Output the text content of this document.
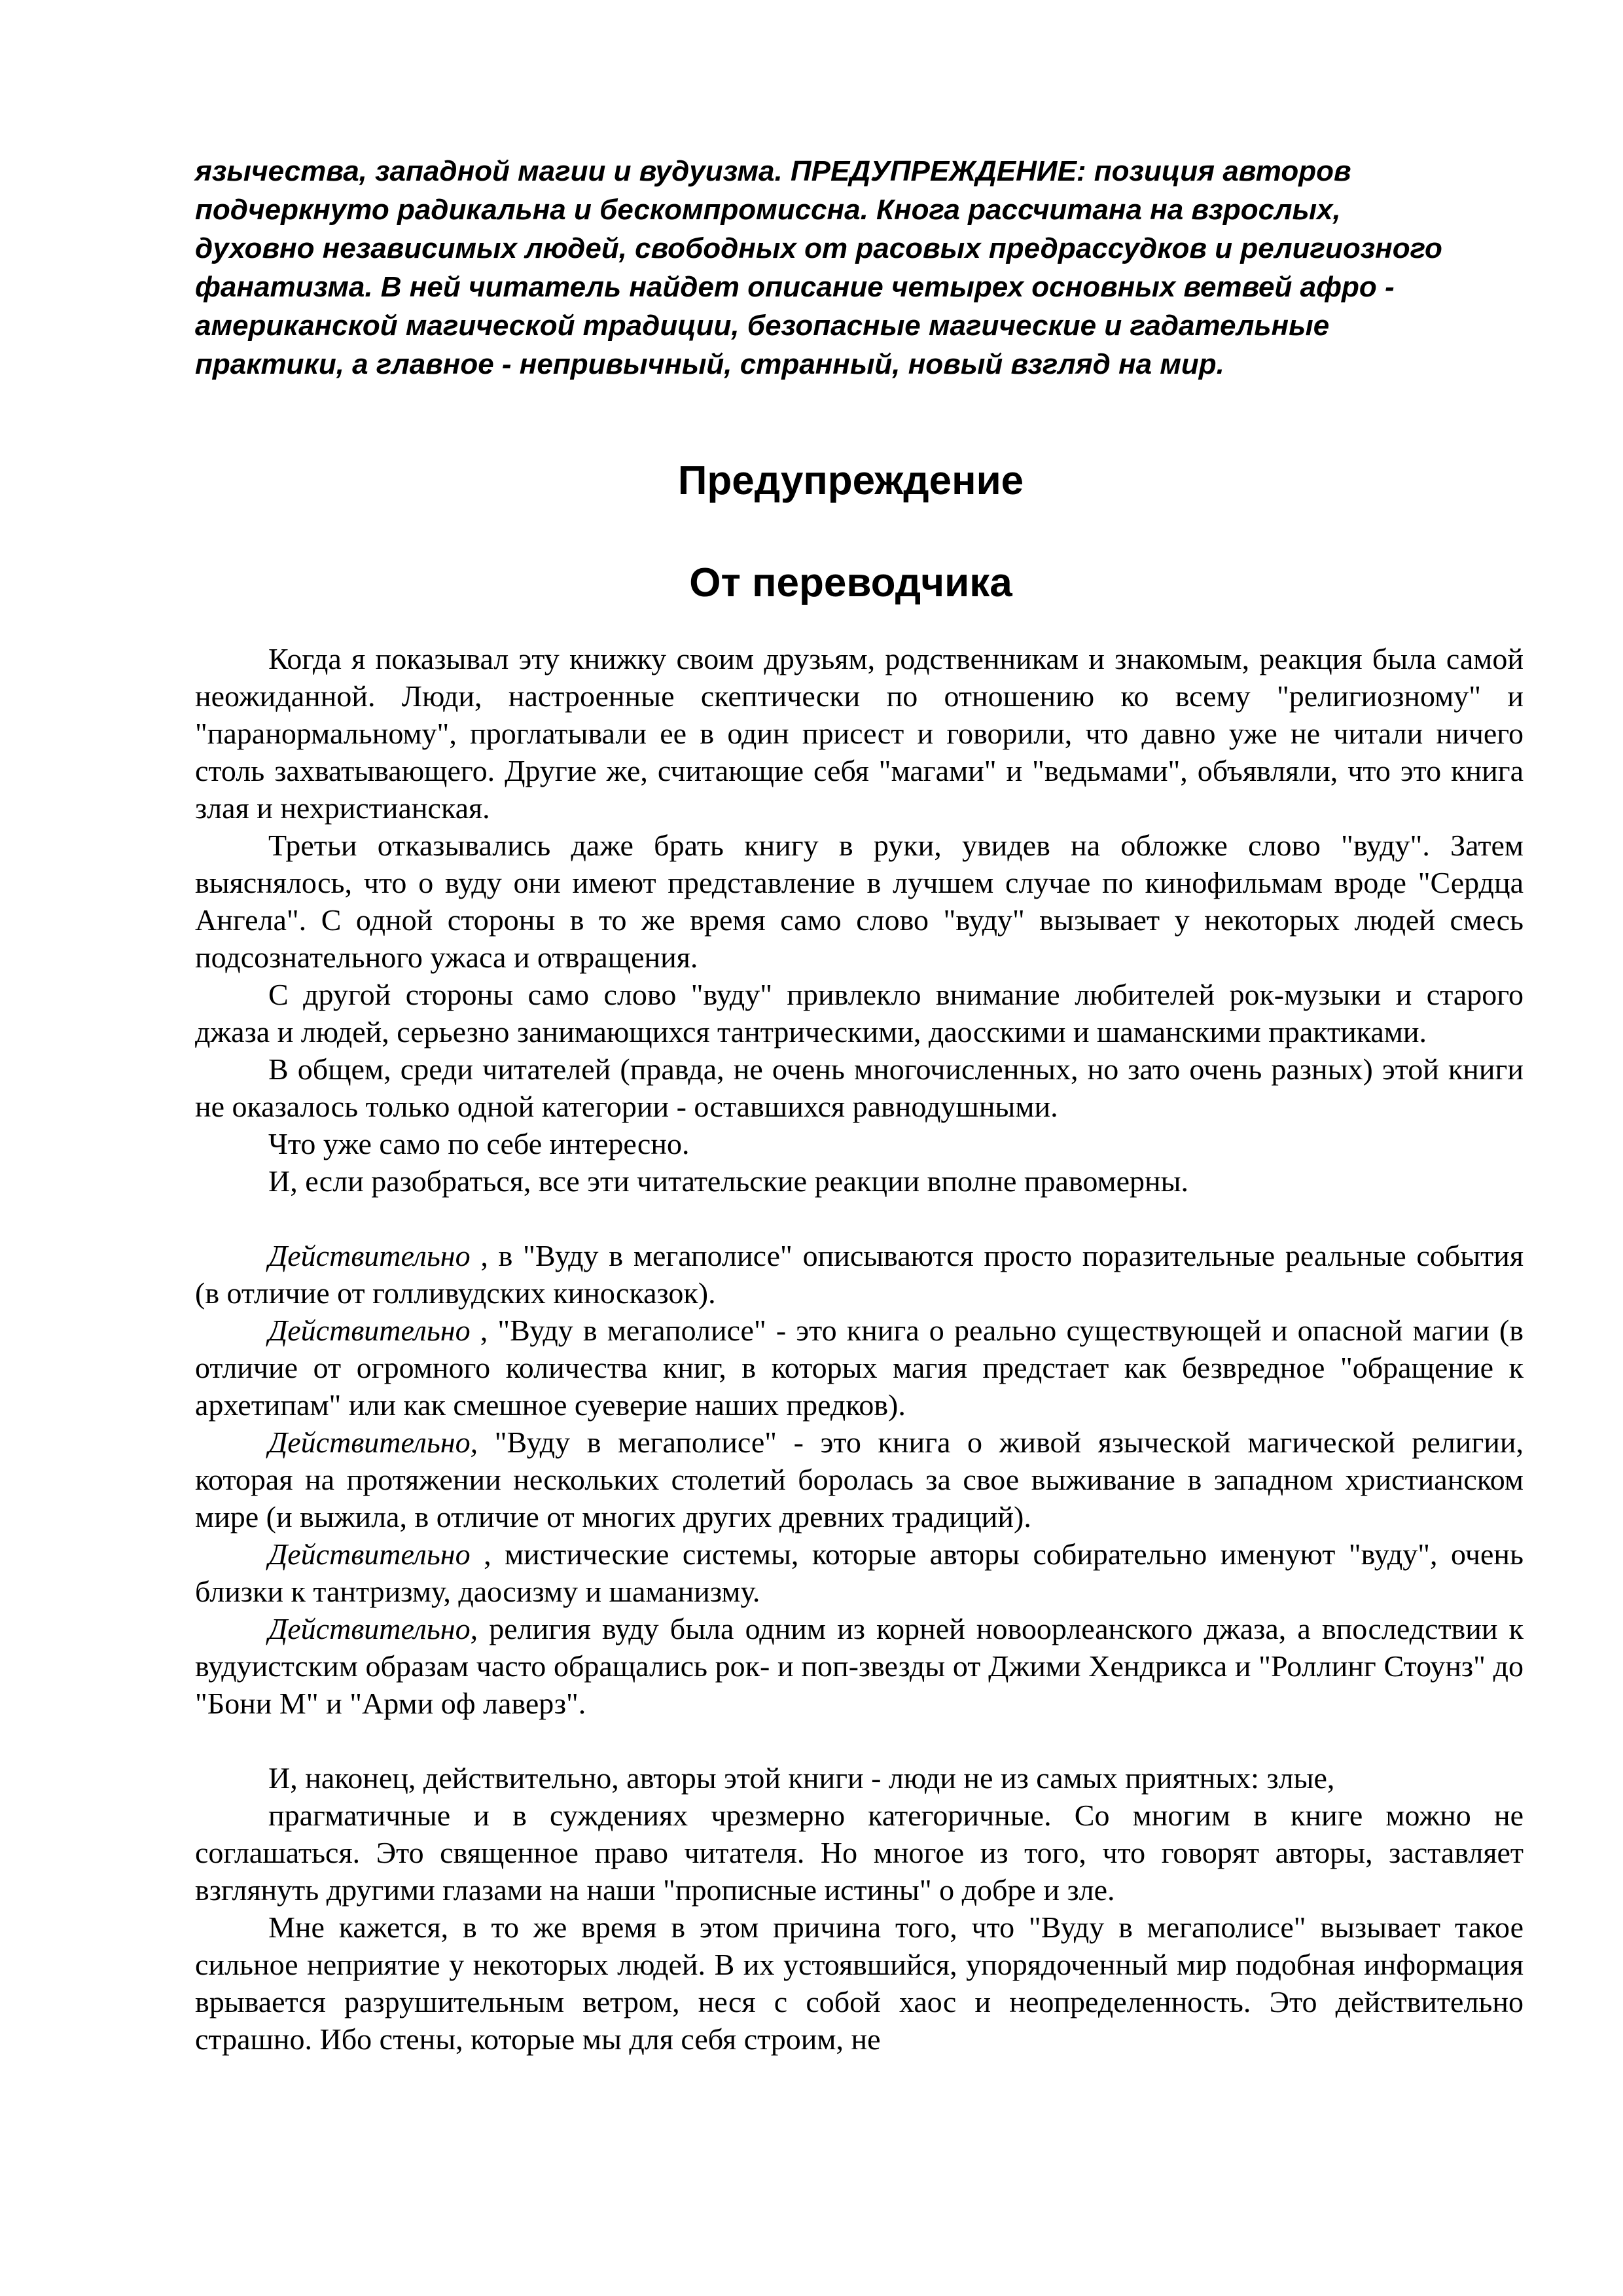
язычества, западной магии и вудуизма. ПРЕДУПРЕЖДЕНИЕ: позиция авторов
подчеркнуто радикальна и бескомпромиссна. Кнога рассчитана на взрослых,
духовно независимых людей, свободных от расовых предрассудков и религиозного
фанатизма. В ней читатель найдет описание четырех основных ветвей афро -
американской магической традиции, безопасные магические и гадательные
практики, а главное - непривычный, странный, новый взгляд на мир.
Предупреждение
От переводчика

Когда я показывал эту книжку своим друзьям, родственникам и знакомым, реакция была самой неожиданной. Люди, настроенные скептически по отношению ко всему "религиозному" и "паранормальному", проглатывали ее в один присест и говорили, что давно уже не читали ничего столь захватывающего. Другие же, считающие себя "магами" и "ведьмами", объявляли, что это книга злая и нехристианская.

Третьи отказывались даже брать книгу в руки, увидев на обложке слово "вуду". Затем выяснялось, что о вуду они имеют представление в лучшем случае по кинофильмам вроде "Сердца Ангела". С одной стороны в то же время само слово "вуду" вызывает у некоторых людей смесь подсознательного ужаса и отвращения.

С другой стороны само слово "вуду" привлекло внимание любителей рок-музыки и старого джаза и людей, серьезно занимающихся тантрическими, даосскими и шаманскими практиками.

В общем, среди читателей (правда, не очень многочисленных, но зато очень разных) этой книги не оказалось только одной категории - оставшихся равнодушными.

Что уже само по себе интересно.

И, если разобраться, все эти читательские реакции вполне правомерны.

Действительно , в "Вуду в мегаполисе" описываются просто поразительные реальные события (в отличие от голливудских киносказок).

Действительно , "Вуду в мегаполисе" - это книга о реально существующей и опасной магии (в отличие от огромного количества книг, в которых магия предстает как безвредное "обращение к архетипам" или как смешное суеверие наших предков).

Действительно, "Вуду в мегаполисе" - это книга о живой языческой магической религии, которая на протяжении нескольких столетий боролась за свое выживание в западном христианском мире (и выжила, в отличие от многих других древних традиций).

Действительно , мистические системы, которые авторы собирательно именуют "вуду", очень близки к тантризму, даосизму и шаманизму.

Действительно, религия вуду была одним из корней новоорлеанского джаза, а впоследствии к вудуистским образам часто обращались рок- и поп-звезды от Джими Хендрикса и "Роллинг Стоунз" до "Бони М" и "Арми оф лаверз".

И, наконец, действительно, авторы этой книги - люди не из самых приятных: злые,

прагматичные и в суждениях чрезмерно категоричные. Со многим в книге можно не соглашаться. Это священное право читателя. Но многое из того, что говорят авторы, заставляет взглянуть другими глазами на наши "прописные истины" о добре и зле.

Мне кажется, в то же время в этом причина того, что "Вуду в мегаполисе" вызывает такое сильное неприятие у некоторых людей. В их устоявшийся, упорядоченный мир подобная информация врывается разрушительным ветром, неся с собой хаос и неопределенность. Это действительно страшно. Ибо стены, которые мы для себя строим, не
